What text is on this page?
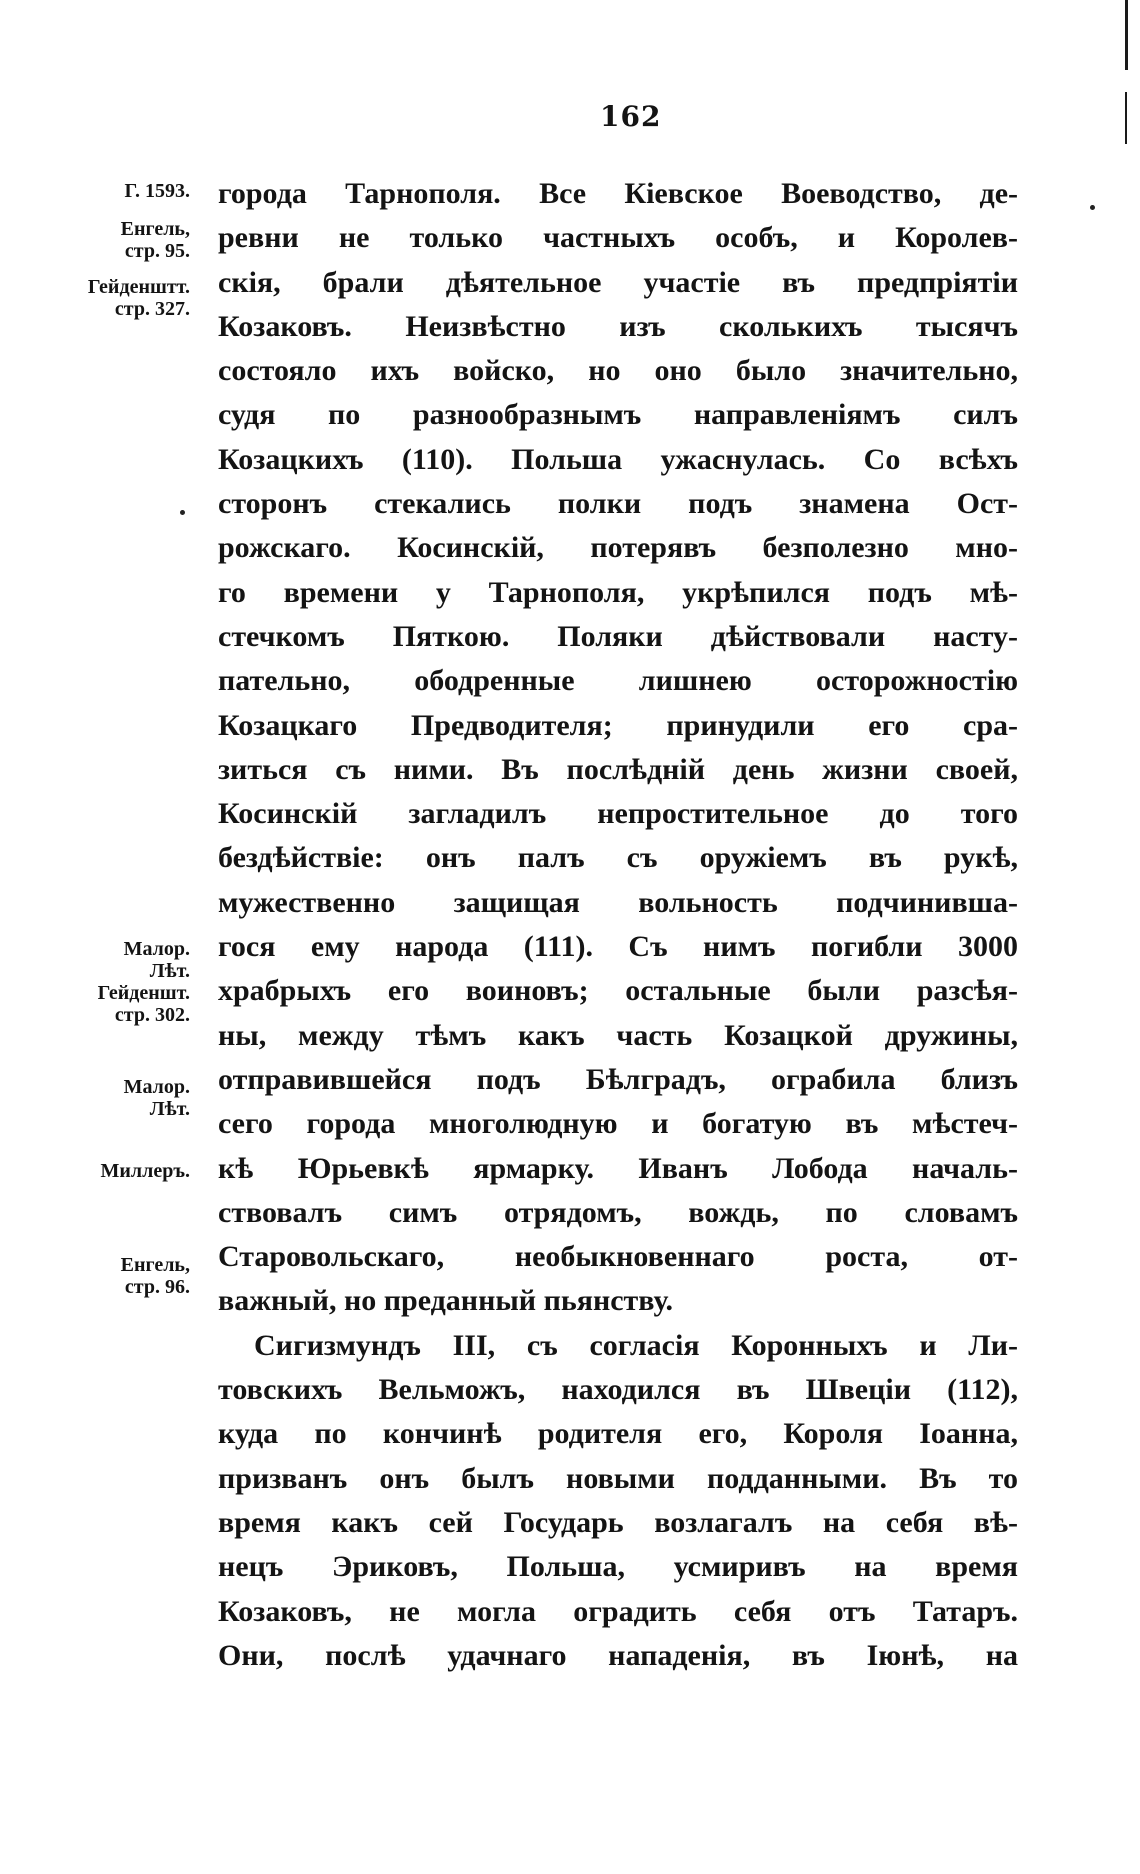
162
Г. 1593.
Енгель,
стр. 95.
Гейденштт.
стр. 327.
Малор.
Лѣт.
Гейденшт.
стр. 302.
Малор.
Лѣт.
Миллеръ.
Енгель,
стр. 96.
города Тарнополя. Все Кіевское Воеводство, де-
ревни не только частныхъ особъ, и Королев-
скія, брали дѣятельное участіе въ предпріятіи
Козаковъ. Неизвѣстно изъ сколькихъ тысячъ
состояло ихъ войско, но оно было значительно,
судя по разнообразнымъ направленіямъ силъ
Козацкихъ (110). Польша ужаснулась. Со всѣхъ
сторонъ стекались полки подъ знамена Ост-
рожскаго. Косинскій, потерявъ безполезно мно-
го времени у Тарнополя, укрѣпился подъ мѣ-
стечкомъ Пяткою. Поляки дѣйствовали насту-
пательно, ободренные лишнею осторожностію
Козацкаго Предводителя; принудили его сра-
зиться съ ними. Въ послѣдній день жизни своей,
Косинскій загладилъ непростительное до того
бездѣйствіе: онъ палъ съ оружіемъ въ рукѣ,
мужественно защищая вольность подчинивша-
гося ему народа (111). Съ нимъ погибли 3000
храбрыхъ его воиновъ; остальные были разсѣя-
ны, между тѣмъ какъ часть Козацкой дружины,
отправившейся подъ Бѣлградъ, ограбила близъ
сего города многолюдную и богатую въ мѣстеч-
кѣ Юрьевкѣ ярмарку. Иванъ Лобода началь-
ствовалъ симъ отрядомъ, вождь, по словамъ
Старовольскаго, необыкновеннаго роста, от-
важный, но преданный пьянству.
Сигизмундъ III, съ согласія Коронныхъ и Ли-
товскихъ Вельможъ, находился въ Швеціи (112),
куда по кончинѣ родителя его, Короля Іоанна,
призванъ онъ былъ новыми подданными. Въ то
время какъ сей Государь возлагалъ на себя вѣ-
нецъ Эриковъ, Польша, усмиривъ на время
Козаковъ, не могла оградить себя отъ Татаръ.
Они, послѣ удачнаго нападенія, въ Іюнѣ, на
